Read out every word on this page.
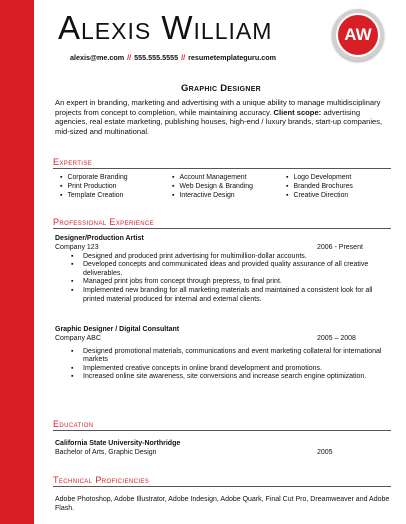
Alexis William
alexis@me.com // 555.555.5555 // resumetemplateguru.com
AW
Graphic Designer
An expert in branding, marketing and advertising with a unique ability to manage multidisciplinary projects from concept to completion, while maintaining accuracy. Client scope: advertising agencies, real estate marketing, publishing houses, high-end / luxury brands, start-up companies, mid-sized and multinational.
Expertise
▪ Corporate Branding
▪ Print Production
▪ Template Creation
▪ Account Management
▪ Web Design & Branding
▪ Interactive Design
▪ Logo Development
▪ Branded Brochures
▪ Creative Direction
Professional Experience
Designer/Production Artist
Company 123	2006 - Present
▪ Designed and produced print advertising for multimillion-dollar accounts.
▪ Developed concepts and communicated ideas and provided quality assurance of all creative deliverables.
▪ Managed print jobs from concept through prepress, to final print.
▪ Implemented new branding for all marketing materials and maintained a consistent look for all printed material produced for internal and external clients.
Graphic Designer / Digital Consultant
Company ABC	2005 – 2008
▪ Designed promotional materials, communications and event marketing collateral for international markets
▪ Implemented creative concepts in online brand development and promotions.
▪ Increased online site awareness, site conversions and increase search engine optimization.
Education
California State University-Northridge
Bachelor of Arts, Graphic Design	2005
Technical Proficiencies
Adobe Photoshop, Adobe Illustrator, Adobe Indesign, Adobe Quark, Final Cut Pro, Dreamweaver and Adobe Flash.
